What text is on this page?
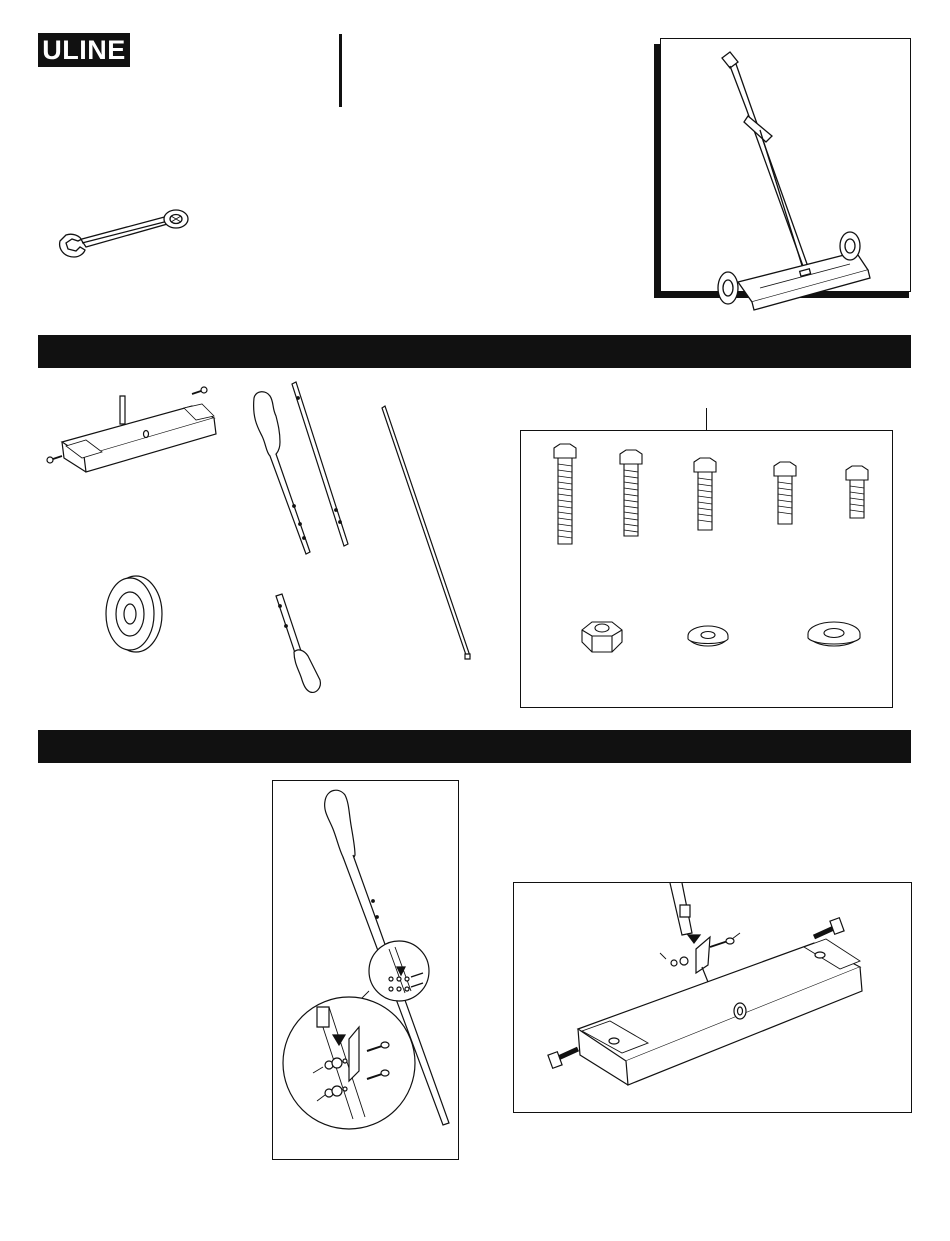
ULINE
